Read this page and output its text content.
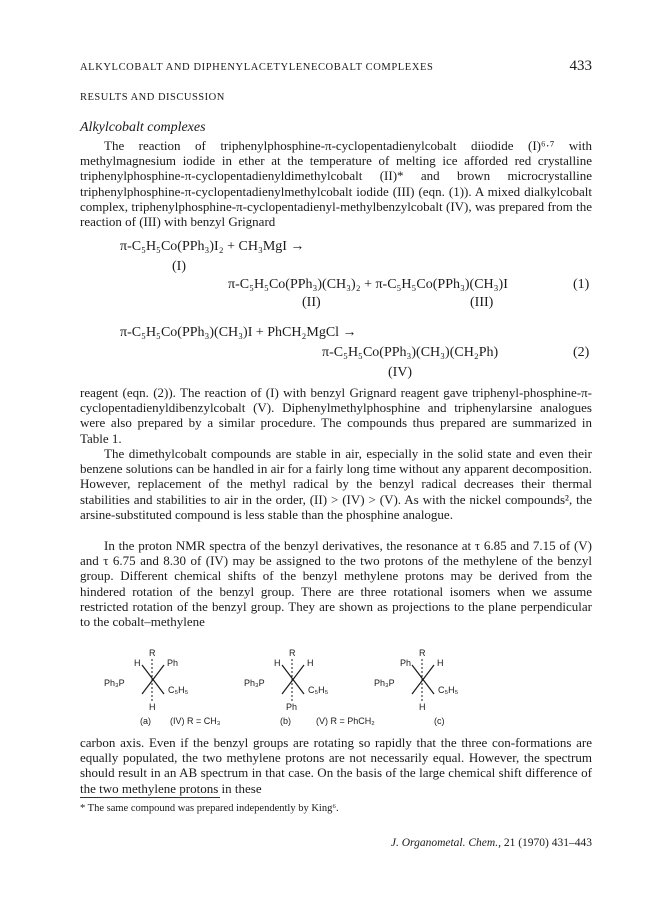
ALKYLCOBALT AND DIPHENYLACETYLENECOBALT COMPLEXES	433
RESULTS AND DISCUSSION
Alkylcobalt complexes

The reaction of triphenylphosphine-π-cyclopentadienylcobalt diiodide (I)⁶·⁷ with methylmagnesium iodide in ether at the temperature of melting ice afforded red crystalline triphenylphosphine-π-cyclopentadienyldimethylcobalt (II)* and brown microcrystalline triphenylphosphine-π-cyclopentadienylmethylcobalt iodide (III) (eqn. (1)). A mixed dialkylcobalt complex, triphenylphosphine-π-cyclopentadienyl-methylbenzylcobalt (IV), was prepared from the reaction of (III) with benzyl Grignard

π-C₅H₅Co(PPh₃)I₂ + CH₃MgI →
(I)
π-C₅H₅Co(PPh₃)(CH₃)₂ + π-C₅H₅Co(PPh₃)(CH₃)I
(II)	(III)
(1)
π-C₅H₅Co(PPh₃)(CH₃)I + PhCH₂MgCl →
π-C₅H₅Co(PPh₃)(CH₃)(CH₂Ph)
(IV)
(2)

reagent (eqn. (2)). The reaction of (I) with benzyl Grignard reagent gave triphenyl-phosphine-π-cyclopentadienyldibenzylcobalt (V). Diphenylmethylphosphine and triphenylarsine analogues were also prepared by a similar procedure. The compounds thus prepared are summarized in Table 1.

The dimethylcobalt compounds are stable in air, especially in the solid state and even their benzene solutions can be handled in air for a fairly long time without any apparent decomposition. However, replacement of the methyl radical by the benzyl radical decreases their thermal stabilities and stabilities to air in the order, (II) > (IV) > (V). As with the nickel compounds², the arsine-substituted compound is less stable than the phosphine analogue.

In the proton NMR spectra of the benzyl derivatives, the resonance at τ 6.85 and 7.15 of (V) and τ 6.75 and 8.30 of (IV) may be assigned to the two protons of the methylene of the benzyl group. Different chemical shifts of the benzyl methylene protons may be derived from the hindered rotation of the benzyl group. There are three rotational isomers when we assume restricted rotation of the benzyl group. They are shown as projections to the plane perpendicular to the cobalt–methylene

R
H	Ph
Ph₃P
C₅H₅
H
(a)
R
H	H
Ph₃P
C₅H₅
Ph
(b)
R
Ph	H
Ph₃P
C₅H₅
H
(c)
(IV) R = CH₃	(V) R = PhCH₂

carbon axis. Even if the benzyl groups are rotating so rapidly that the three con-formations are equally populated, the two methylene protons are not necessarily equal. However, the spectrum should result in an AB spectrum in that case. On the basis of the large chemical shift difference of the two methylene protons in these

* The same compound was prepared independently by King⁶.
J. Organometal. Chem., 21 (1970) 431–443
